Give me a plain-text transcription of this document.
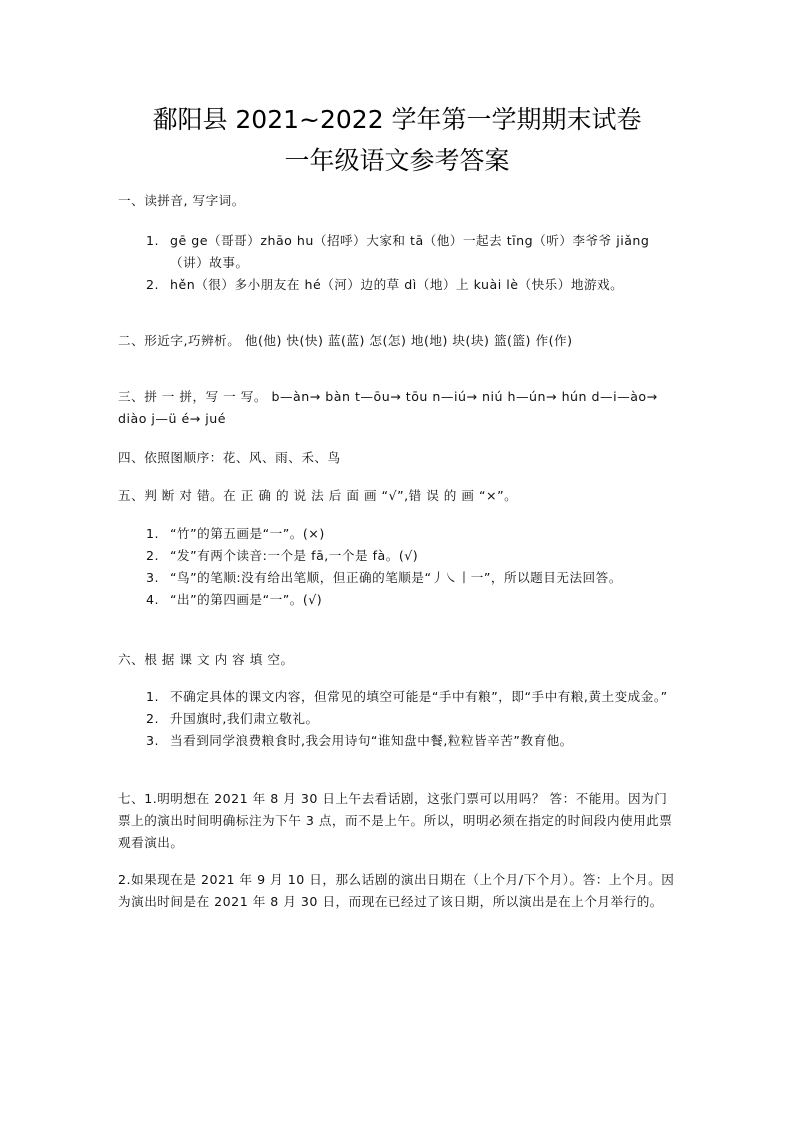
鄱阳县 2021~2022 学年第一学期期末试卷
一年级语文参考答案
一、读拼音, 写字词。
1. gē ge（哥哥）zhāo hu（招呼）大家和 tā（他）一起去 tīng（听）李爷爷 jiǎng（讲）故事。
2. hěn（很）多小朋友在 hé（河）边的草 dì（地）上 kuài lè（快乐）地游戏。
二、形近字,巧辨析。 他(他) 快(快) 蓝(蓝) 怎(怎) 地(地) 块(块) 篮(篮) 作(作)
三、拼 一 拼，写 一 写。 b—àn→ bàn t—ōu→ tōu n—iú→ niú h—ún→ hún d—i—ào→ diào j—ü é→ jué
四、依照图顺序：花、风、雨、禾、鸟
五、判 断 对 错。在 正 确 的 说 法 后 面 画 “√”,错 误 的 画 “×”。
1. “竹”的第五画是“一”。(×)
2. “发”有两个读音:一个是 fā,一个是 fà。(√)
3. “鸟”的笔顺:没有给出笔顺，但正确的笔顺是“丿㇏丨一”，所以题目无法回答。
4. “出”的第四画是“一”。(√)
六、根 据 课 文 内 容 填 空。
1. 不确定具体的课文内容，但常见的填空可能是“手中有粮”，即“手中有粮,黄土变成金。”
2. 升国旗时,我们肃立敬礼。
3. 当看到同学浪费粮食时,我会用诗句“谁知盘中餐,粒粒皆辛苦”教育他。
七、1.明明想在 2021 年 8 月 30 日上午去看话剧，这张门票可以用吗？ 答：不能用。因为门票上的演出时间明确标注为下午 3 点，而不是上午。所以，明明必须在指定的时间段内使用此票观看演出。
2.如果现在是 2021 年 9 月 10 日，那么话剧的演出日期在（上个月/下个月）。答：上个月。因为演出时间是在 2021 年 8 月 30 日，而现在已经过了该日期，所以演出是在上个月举行的。
